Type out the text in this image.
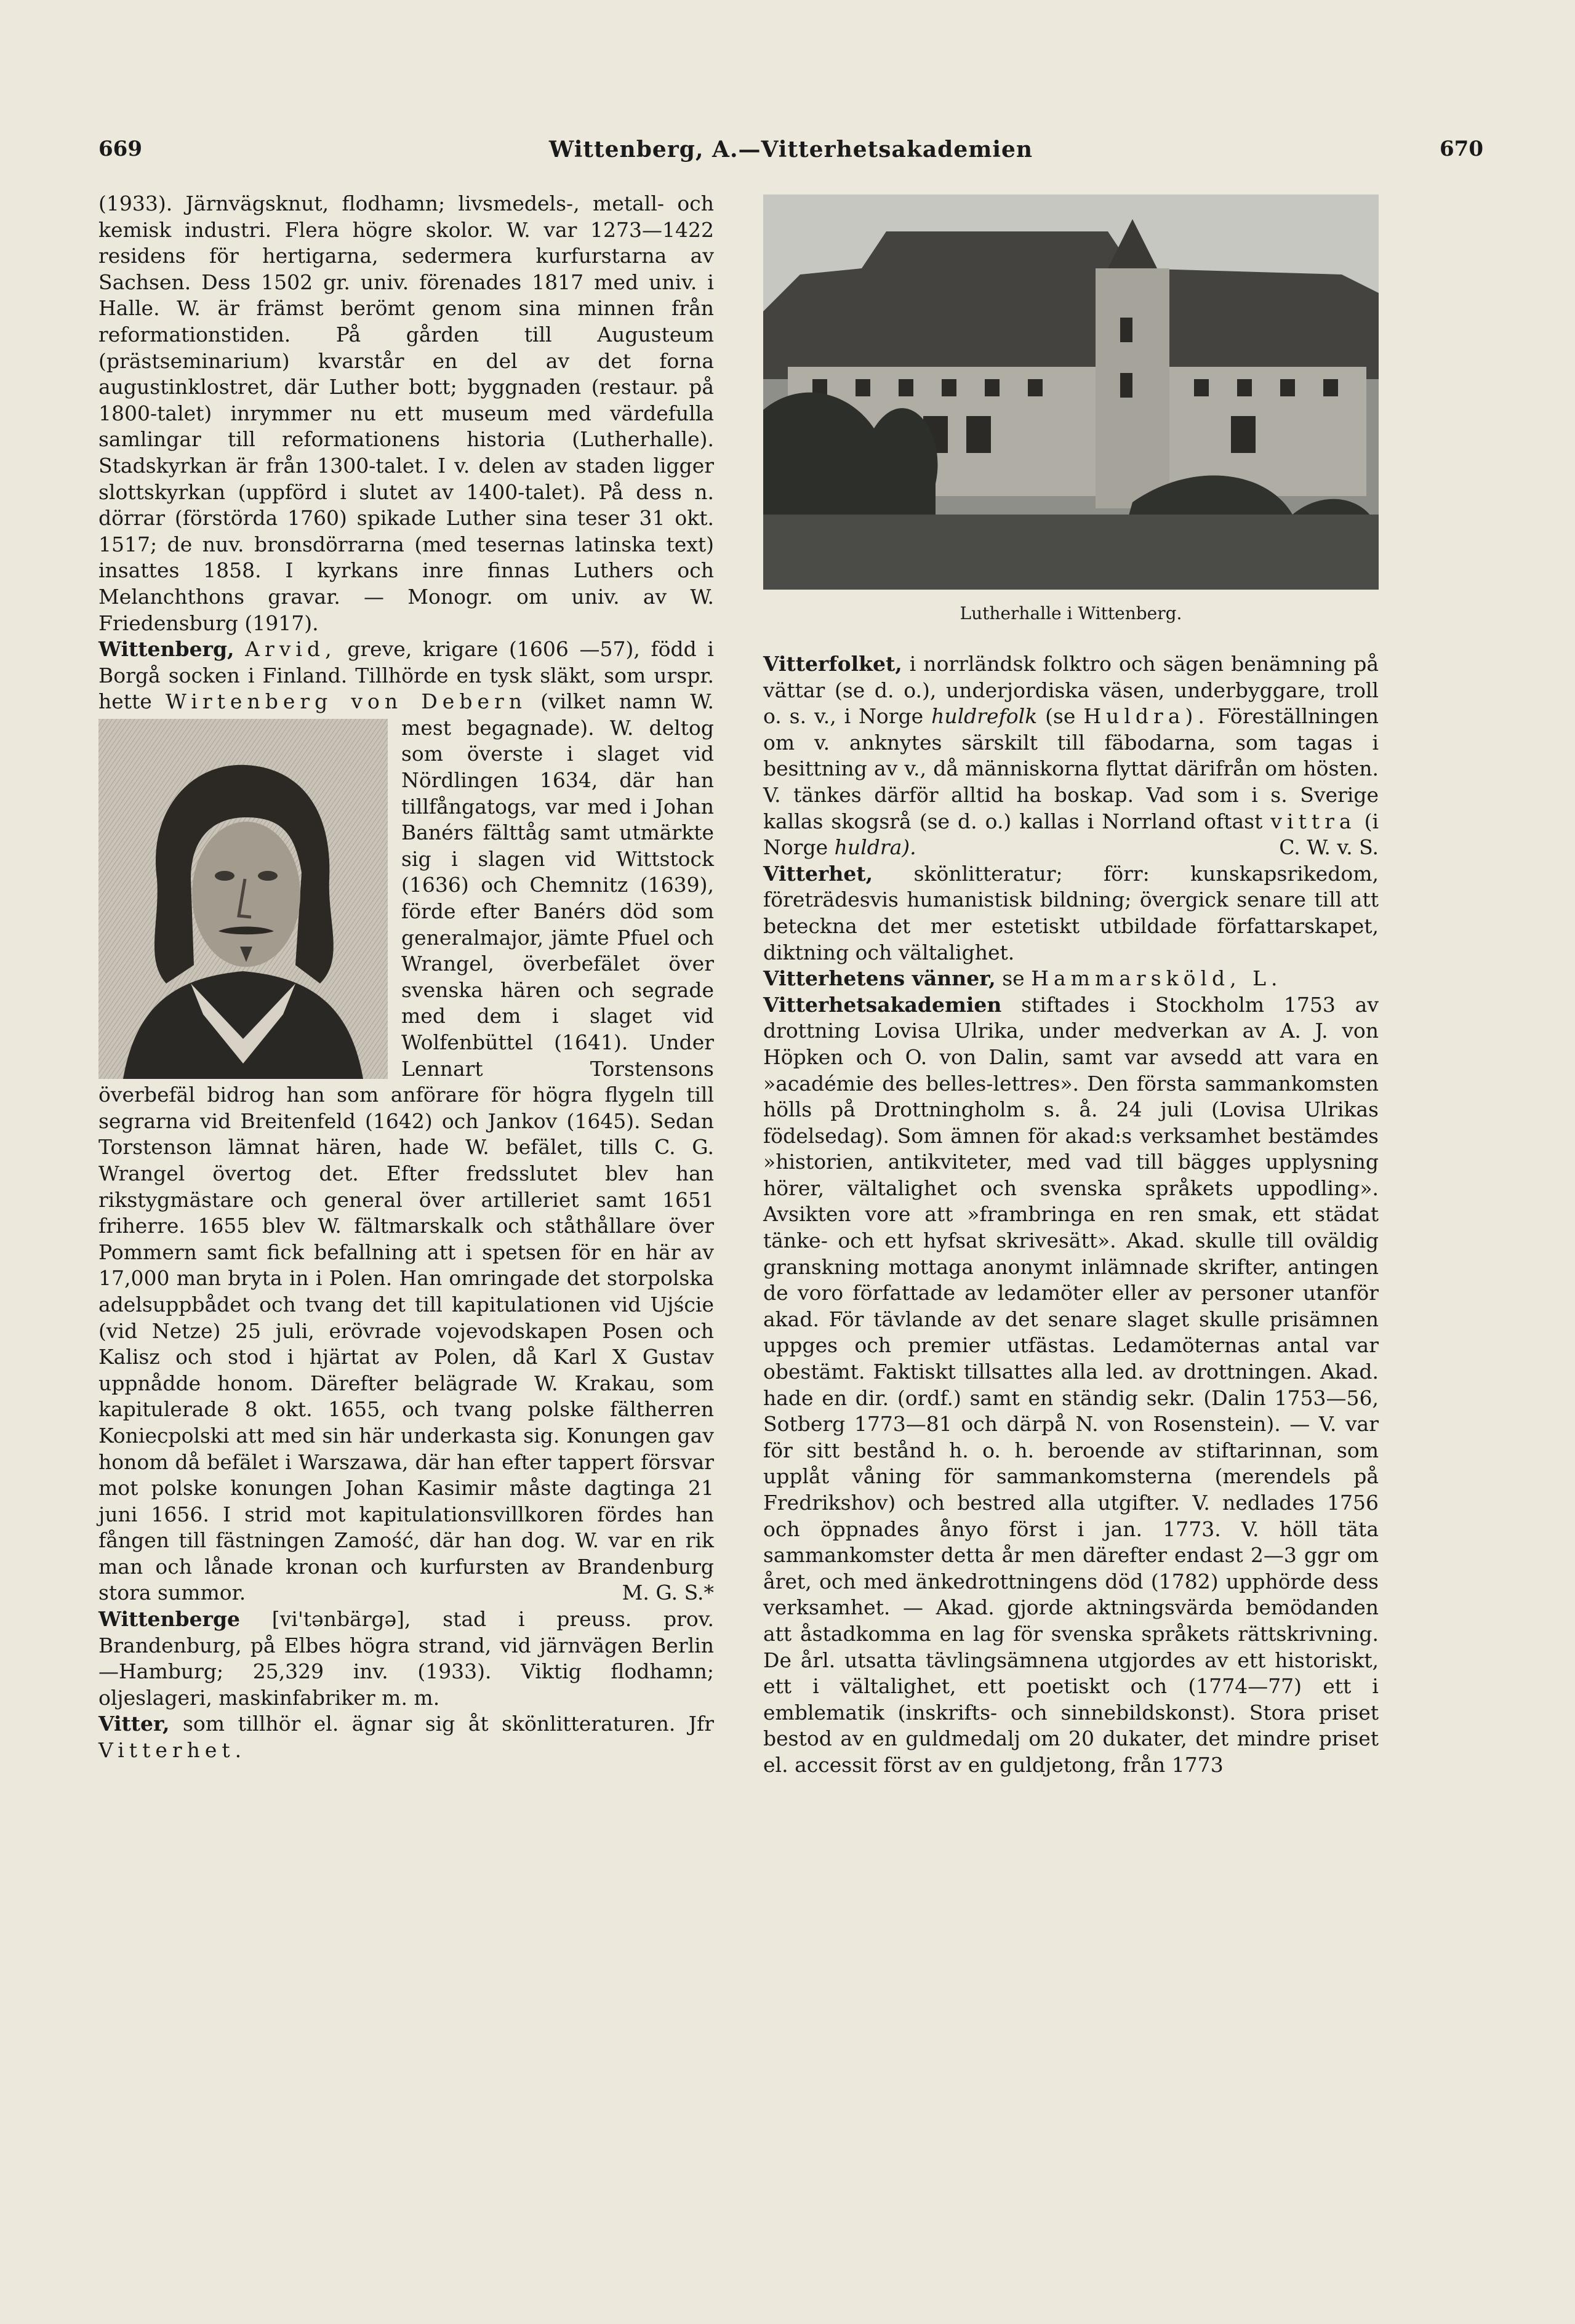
669	Wittenberg, A.—Vitterhetsakademien	670

(1933). Järnvägsknut, flodhamn; livsmedels-, metall- och kemisk industri. Flera högre skolor. W. var 1273—1422 residens för hertigarna, sedermera kurfurstarna av Sachsen. Dess 1502 gr. univ. förenades 1817 med univ. i Halle. W. är främst berömt genom sina minnen från reformationstiden. På gården till Augusteum (prästseminarium) kvarstår en del av det forna augustinklostret, där Luther bott; byggnaden (restaur. på 1800-talet) inrymmer nu ett museum med värdefulla samlingar till reformationens historia (Lutherhalle). Stadskyrkan är från 1300-talet. I v. delen av staden ligger slottskyrkan (uppförd i slutet av 1400-talet). På dess n. dörrar (förstörda 1760) spikade Luther sina teser 31 okt. 1517; de nuv. bronsdörrarna (med tesernas latinska text) insattes 1858. I kyrkans inre finnas Luthers och Melanchthons gravar. — Monogr. om univ. av W. Friedensburg (1917).

Wittenberg, Arvid, greve, krigare (1606 —57), född i Borgå socken i Finland. Tillhörde en tysk släkt, som urspr. hette Wirtenberg von Debern (vilket namn W. mest begagnade). W. deltog som överste i slaget vid Nördlingen 1634, där han tillfångatogs, var med i Johan Banérs fälttåg samt utmärkte sig i slagen vid Wittstock (1636) och Chemnitz (1639), förde efter Banérs död som generalmajor, jämte Pfuel och Wrangel, överbefälet över svenska hären och segrade med dem i slaget vid Wolfenbüttel (1641). Under Lennart Torstensons överbefäl bidrog han som anförare för högra flygeln till segrarna vid Breitenfeld (1642) och Jankov (1645). Sedan Torstenson lämnat hären, hade W. befälet, tills C. G. Wrangel övertog det. Efter fredsslutet blev han rikstygmästare och general över artilleriet samt 1651 friherre. 1655 blev W. fältmarskalk och ståthållare över Pommern samt fick befallning att i spetsen för en här av 17,000 man bryta in i Polen. Han omringade det storpolska adelsuppbådet och tvang det till kapitulationen vid Ujście (vid Netze) 25 juli, erövrade vojevodskapen Posen och Kalisz och stod i hjärtat av Polen, då Karl X Gustav uppnådde honom. Därefter belägrade W. Krakau, som kapitulerade 8 okt. 1655, och tvang polske fältherren Koniecpolski att med sin här underkasta sig. Konungen gav honom då befälet i Warszawa, där han efter tappert försvar mot polske konungen Johan Kasimir måste dagtinga 21 juni 1656. I strid mot kapitulationsvillkoren fördes han fången till fästningen Zamość, där han dog. W. var en rik man och lånade kronan och kurfursten av Brandenburg stora summor.	M. G. S.*

Wittenberge [vi'tənbärgə], stad i preuss. prov. Brandenburg, på Elbes högra strand, vid järnvägen Berlin—Hamburg; 25,329 inv. (1933). Viktig flodhamn; oljeslageri, maskinfabriker m. m.

Vitter, som tillhör el. ägnar sig åt skönlitteraturen. Jfr Vitterhet.

Lutherhalle i Wittenberg.

Vitterfolket, i norrländsk folktro och sägen benämning på vättar (se d. o.), underjordiska väsen, underbyggare, troll o. s. v., i Norge huldrefolk (se Huldra). Föreställningen om v. anknytes särskilt till fäbodarna, som tagas i besittning av v., då människorna flyttat därifrån om hösten. V. tänkes därför alltid ha boskap. Vad som i s. Sverige kallas skogsrå (se d. o.) kallas i Norrland oftast vittra (i Norge huldra).	C. W. v. S.

Vitterhet, skönlitteratur; förr: kunskapsrikedom, företrädesvis humanistisk bildning; övergick senare till att beteckna det mer estetiskt utbildade författarskapet, diktning och vältalighet.

Vitterhetens vänner, se Hammarsköld, L.

Vitterhetsakademien stiftades i Stockholm 1753 av drottning Lovisa Ulrika, under medverkan av A. J. von Höpken och O. von Dalin, samt var avsedd att vara en »académie des belles-lettres». Den första sammankomsten hölls på Drottningholm s. å. 24 juli (Lovisa Ulrikas födelsedag). Som ämnen för akad:s verksamhet bestämdes »historien, antikviteter, med vad till bägges upplysning hörer, vältalighet och svenska språkets uppodling». Avsikten vore att »frambringa en ren smak, ett städat tänke- och ett hyfsat skrivesätt». Akad. skulle till oväldig granskning mottaga anonymt inlämnade skrifter, antingen de voro författade av ledamöter eller av personer utanför akad. För tävlande av det senare slaget skulle prisämnen uppges och premier utfästas. Ledamöternas antal var obestämt. Faktiskt tillsattes alla led. av drottningen. Akad. hade en dir. (ordf.) samt en ständig sekr. (Dalin 1753—56, Sotberg 1773—81 och därpå N. von Rosenstein). — V. var för sitt bestånd h. o. h. beroende av stiftarinnan, som upplåt våning för sammankomsterna (merendels på Fredrikshov) och bestred alla utgifter. V. nedlades 1756 och öppnades ånyo först i jan. 1773. V. höll täta sammankomster detta år men därefter endast 2—3 ggr om året, och med änkedrottningens död (1782) upphörde dess verksamhet. — Akad. gjorde aktningsvärda bemödanden att åstadkomma en lag för svenska språkets rättskrivning. De årl. utsatta tävlingsämnena utgjordes av ett historiskt, ett i vältalighet, ett poetiskt och (1774—77) ett i emblematik (inskrifts- och sinnebildskonst). Stora priset bestod av en guldmedalj om 20 dukater, det mindre priset el. accessit först av en guldjetong, från 1773
